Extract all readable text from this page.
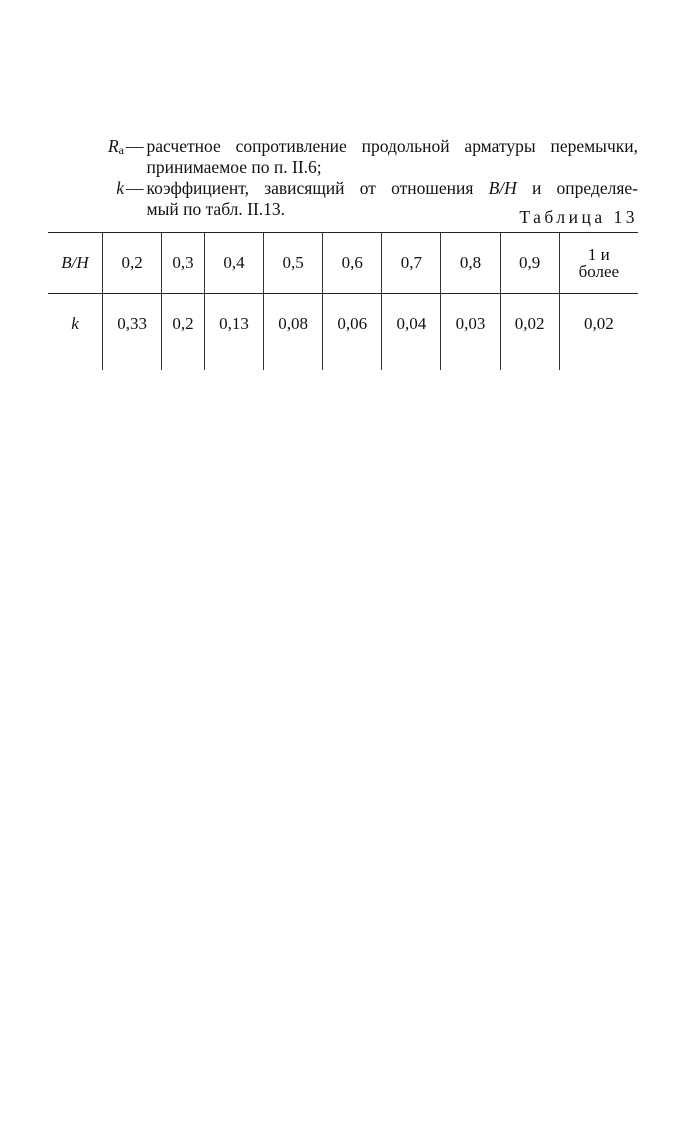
$R_a$ — расчетное сопротивление продольной арматуры перемычки,
принимаемое по п. II.6;
k — коэффициент, зависящий от отношения B/H и определяе-
мый по табл. II.13.	Таблица 13
B/H	0,2	0,3	0,4	0,5	0,6	0,7	0,8	0,9	1 и
более
k	0,33	0,2	0,13	0,08	0,06	0,04	0,03	0,02	0,02
